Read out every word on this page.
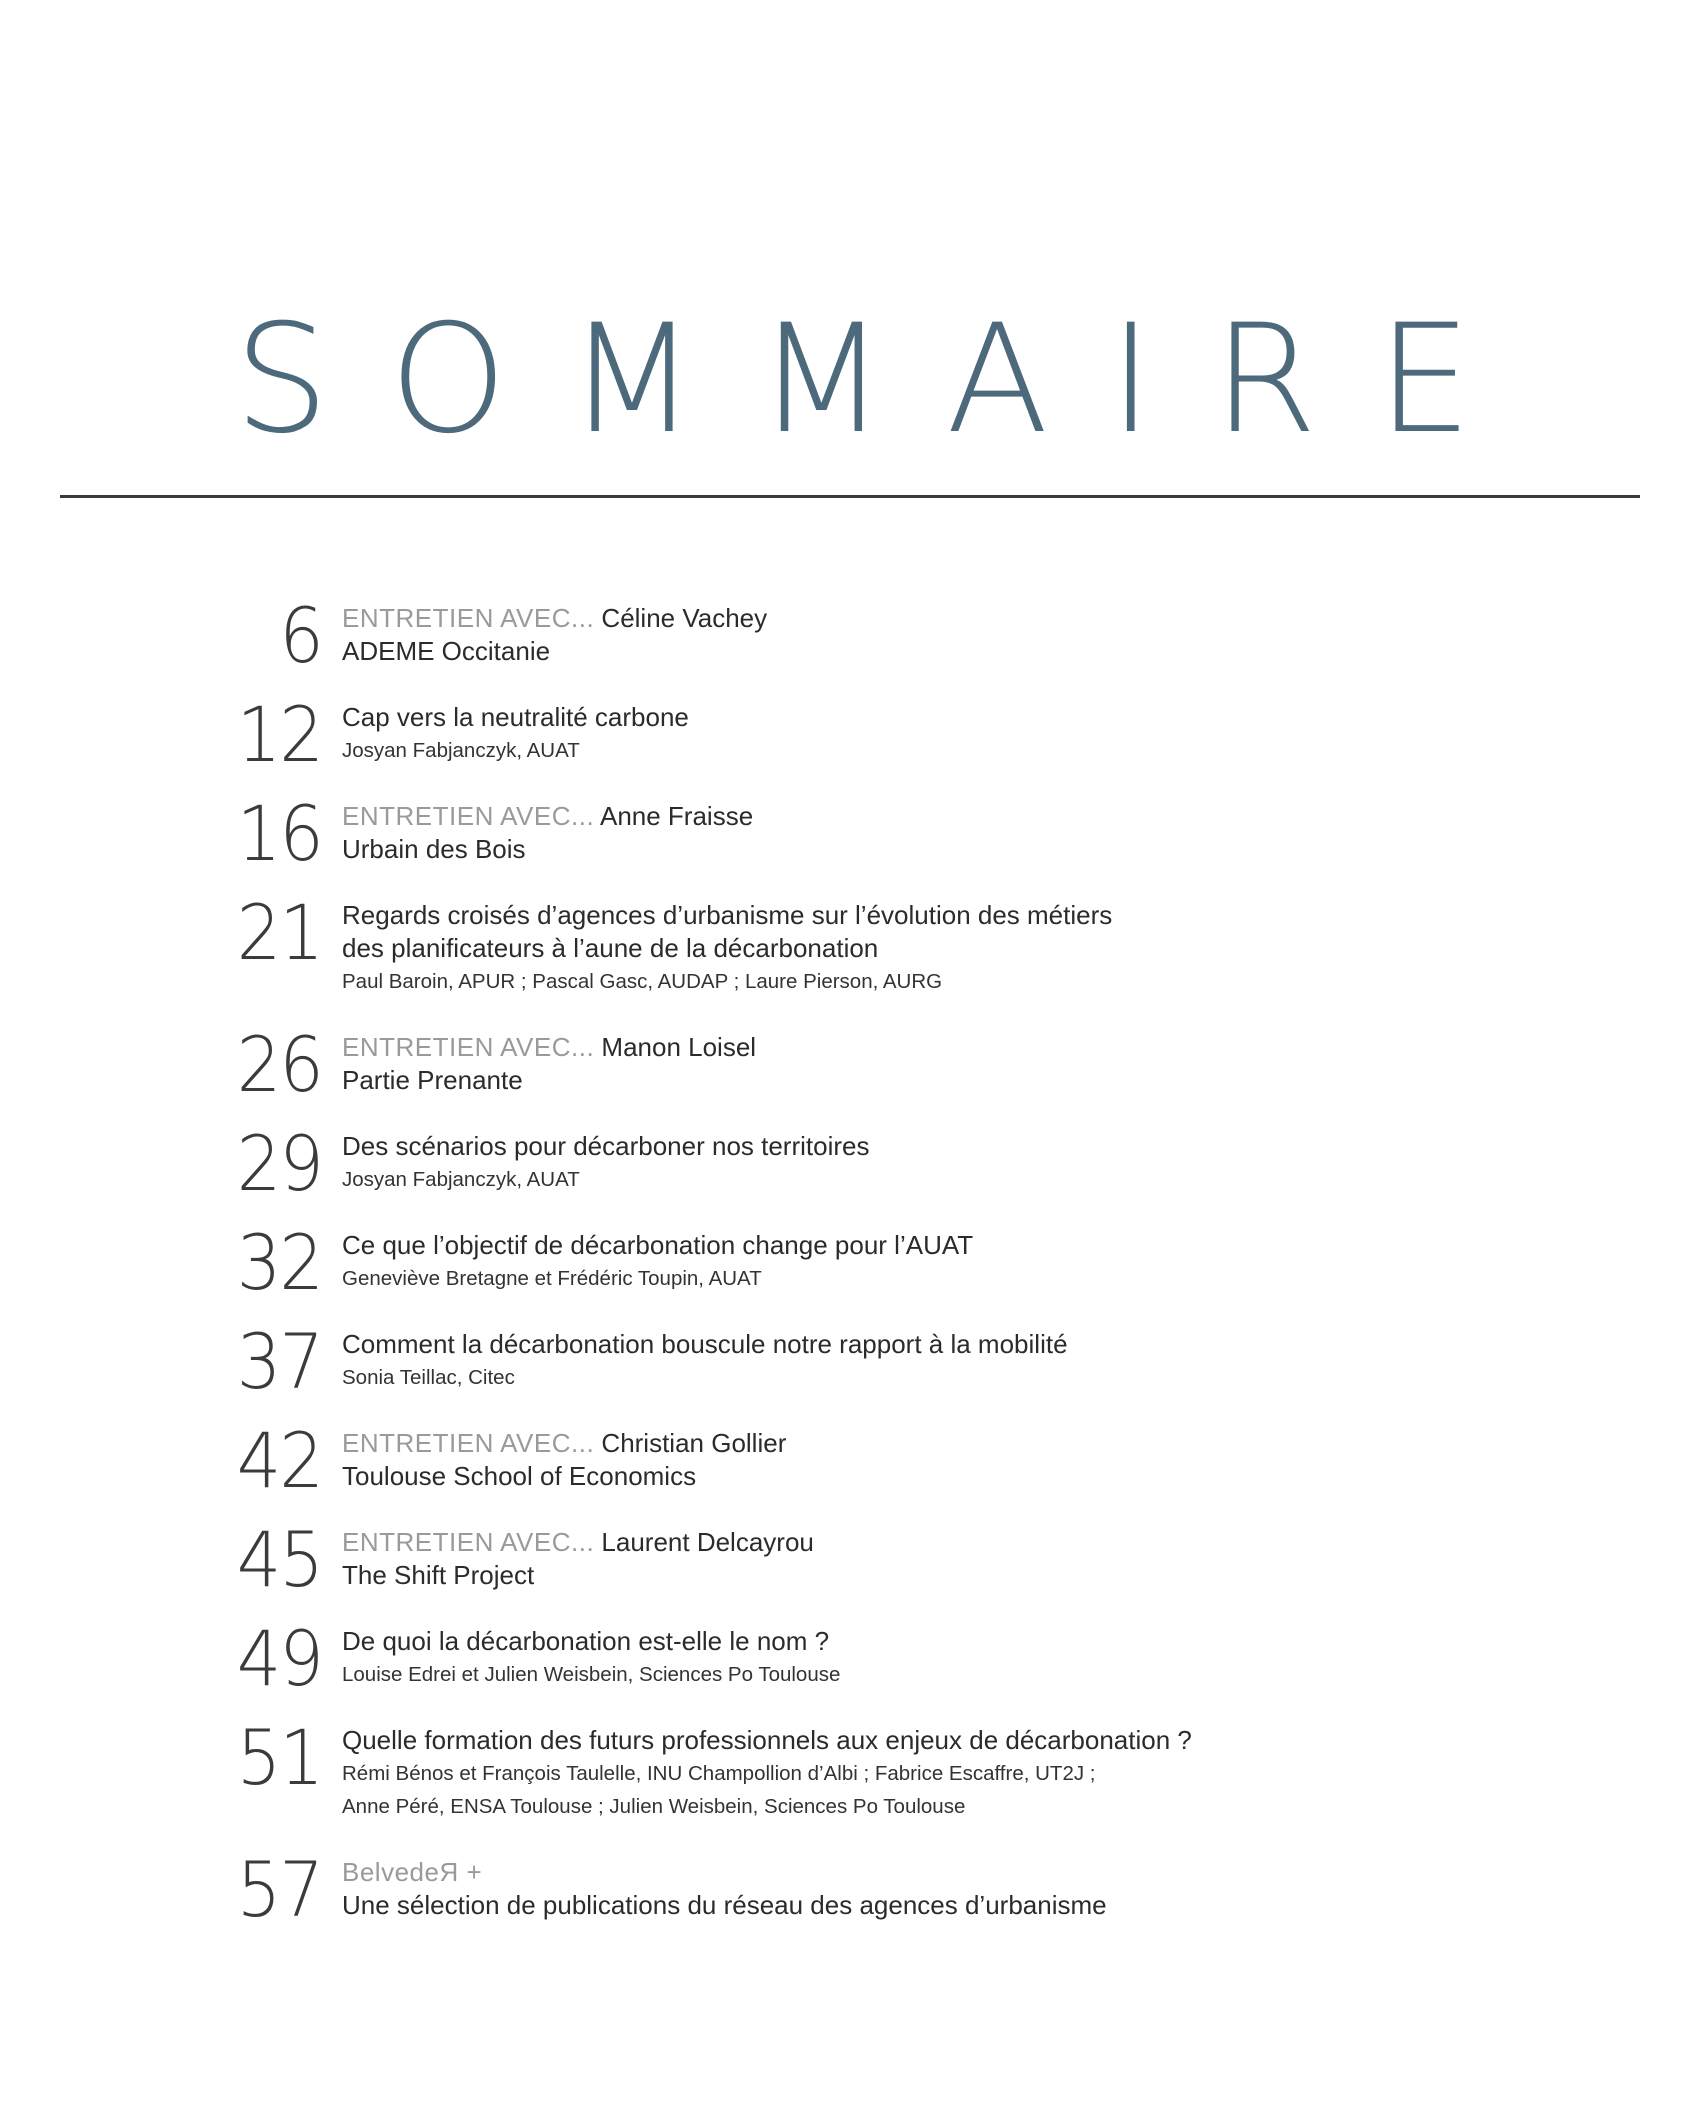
SOMMAIRE
6 ENTRETIEN AVEC... Céline Vachey
ADEME Occitanie
12 Cap vers la neutralité carbone
Josyan Fabjanczyk, AUAT
16 ENTRETIEN AVEC... Anne Fraisse
Urbain des Bois
21 Regards croisés d’agences d’urbanisme sur l’évolution des métiers
des planificateurs à l’aune de la décarbonation
Paul Baroin, APUR ; Pascal Gasc, AUDAP ; Laure Pierson, AURG
26 ENTRETIEN AVEC... Manon Loisel
Partie Prenante
29 Des scénarios pour décarboner nos territoires
Josyan Fabjanczyk, AUAT
32 Ce que l’objectif de décarbonation change pour l’AUAT
Geneviève Bretagne et Frédéric Toupin, AUAT
37 Comment la décarbonation bouscule notre rapport à la mobilité
Sonia Teillac, Citec
42 ENTRETIEN AVEC... Christian Gollier
Toulouse School of Economics
45 ENTRETIEN AVEC... Laurent Delcayrou
The Shift Project
49 De quoi la décarbonation est-elle le nom ?
Louise Edrei et Julien Weisbein, Sciences Po Toulouse
51 Quelle formation des futurs professionnels aux enjeux de décarbonation ?
Rémi Bénos et François Taulelle, INU Champollion d’Albi ; Fabrice Escaffre, UT2J ;
Anne Péré, ENSA Toulouse ; Julien Weisbein, Sciences Po Toulouse
57 BelvedeЯ +
Une sélection de publications du réseau des agences d’urbanisme
